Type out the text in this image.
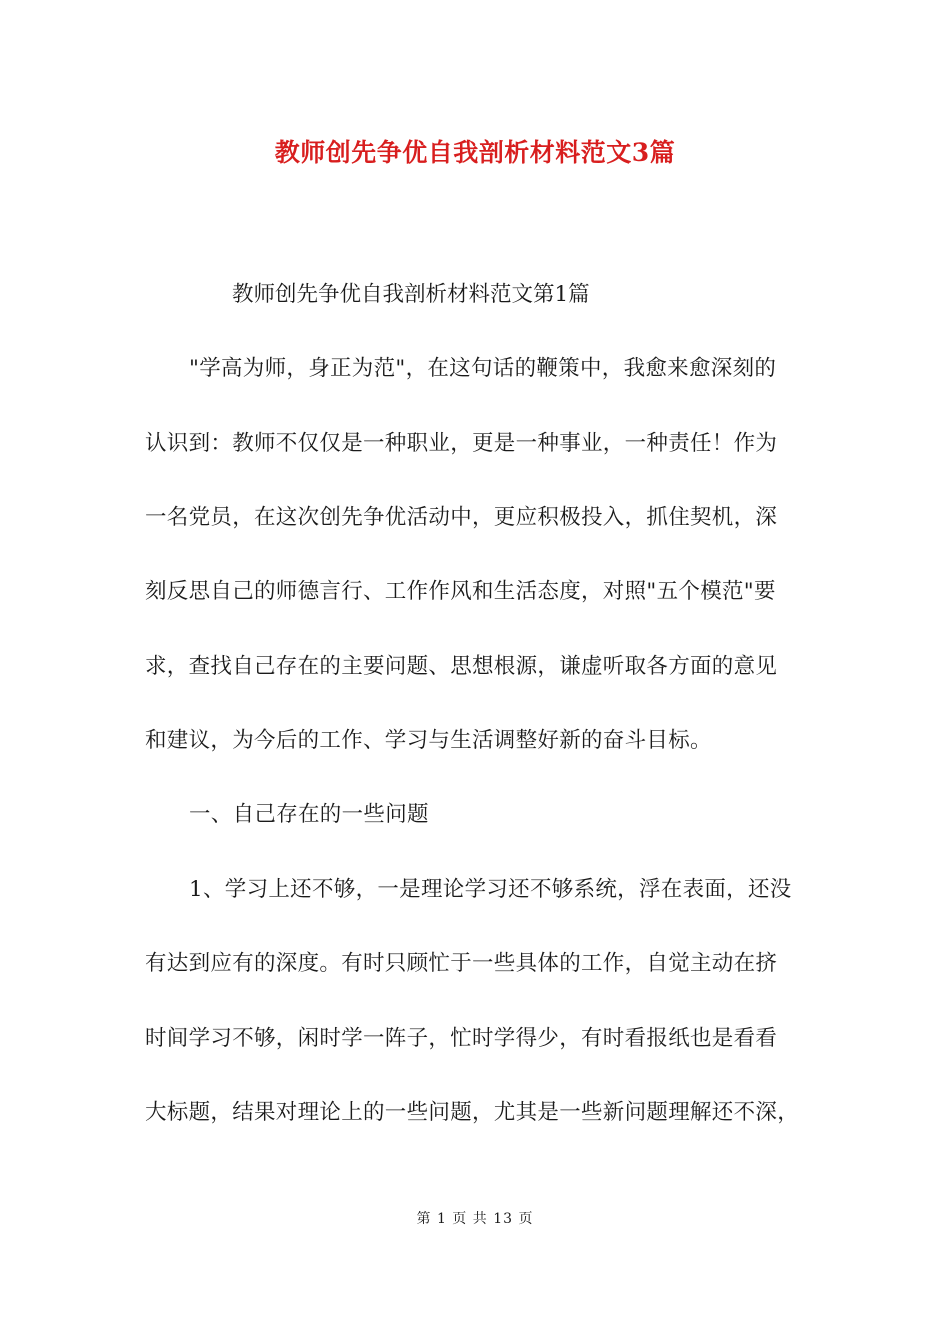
教师创先争优自我剖析材料范文3篇
教师创先争优自我剖析材料范文第1篇
"学高为师，身正为范"，在这句话的鞭策中，我愈来愈深刻的
认识到：教师不仅仅是一种职业，更是一种事业，一种责任！作为
一名党员，在这次创先争优活动中，更应积极投入，抓住契机，深
刻反思自己的师德言行、工作作风和生活态度，对照"五个模范"要
求，查找自己存在的主要问题、思想根源，谦虚听取各方面的意见
和建议，为今后的工作、学习与生活调整好新的奋斗目标。
一、自己存在的一些问题
1、学习上还不够，一是理论学习还不够系统，浮在表面，还没
有达到应有的深度。有时只顾忙于一些具体的工作，自觉主动在挤
时间学习不够，闲时学一阵子，忙时学得少，有时看报纸也是看看
大标题，结果对理论上的一些问题，尤其是一些新问题理解还不深，
第 1 页 共 13 页
